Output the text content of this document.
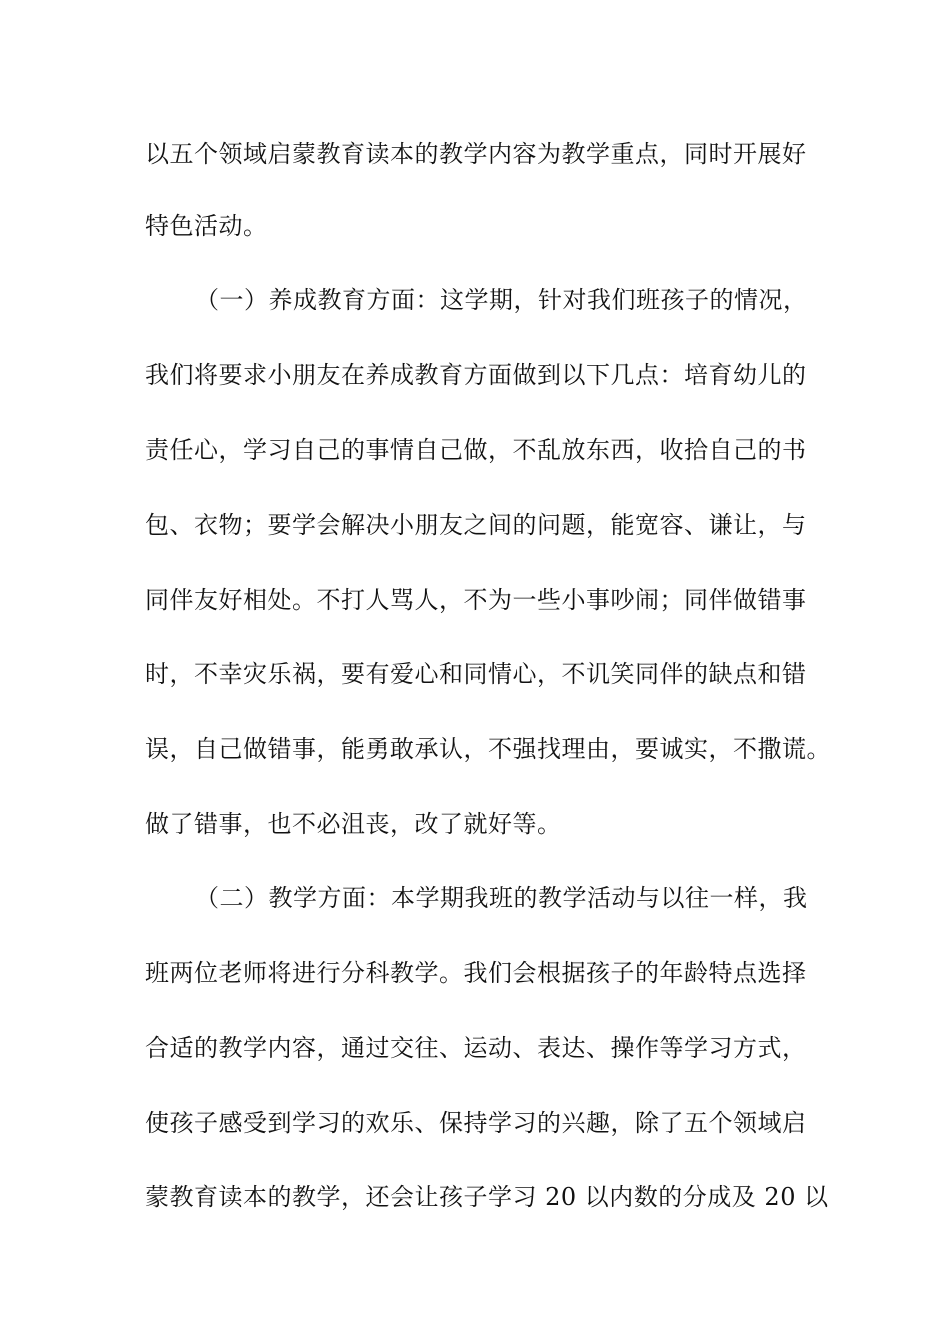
以五个领域启蒙教育读本的教学内容为教学重点，同时开展好
特色活动。
（一）养成教育方面：这学期，针对我们班孩子的情况，
我们将要求小朋友在养成教育方面做到以下几点：培育幼儿的
责任心，学习自己的事情自己做，不乱放东西，收拾自己的书
包、衣物；要学会解决小朋友之间的问题，能宽容、谦让，与
同伴友好相处。不打人骂人，不为一些小事吵闹；同伴做错事
时，不幸灾乐祸，要有爱心和同情心，不讥笑同伴的缺点和错
误，自己做错事，能勇敢承认，不强找理由，要诚实，不撒谎。
做了错事，也不必沮丧，改了就好等。
（二）教学方面：本学期我班的教学活动与以往一样，我
班两位老师将进行分科教学。我们会根据孩子的年龄特点选择
合适的教学内容，通过交往、运动、表达、操作等学习方式，
使孩子感受到学习的欢乐、保持学习的兴趣，除了五个领域启
蒙教育读本的教学，还会让孩子学习 20 以内数的分成及 20 以
